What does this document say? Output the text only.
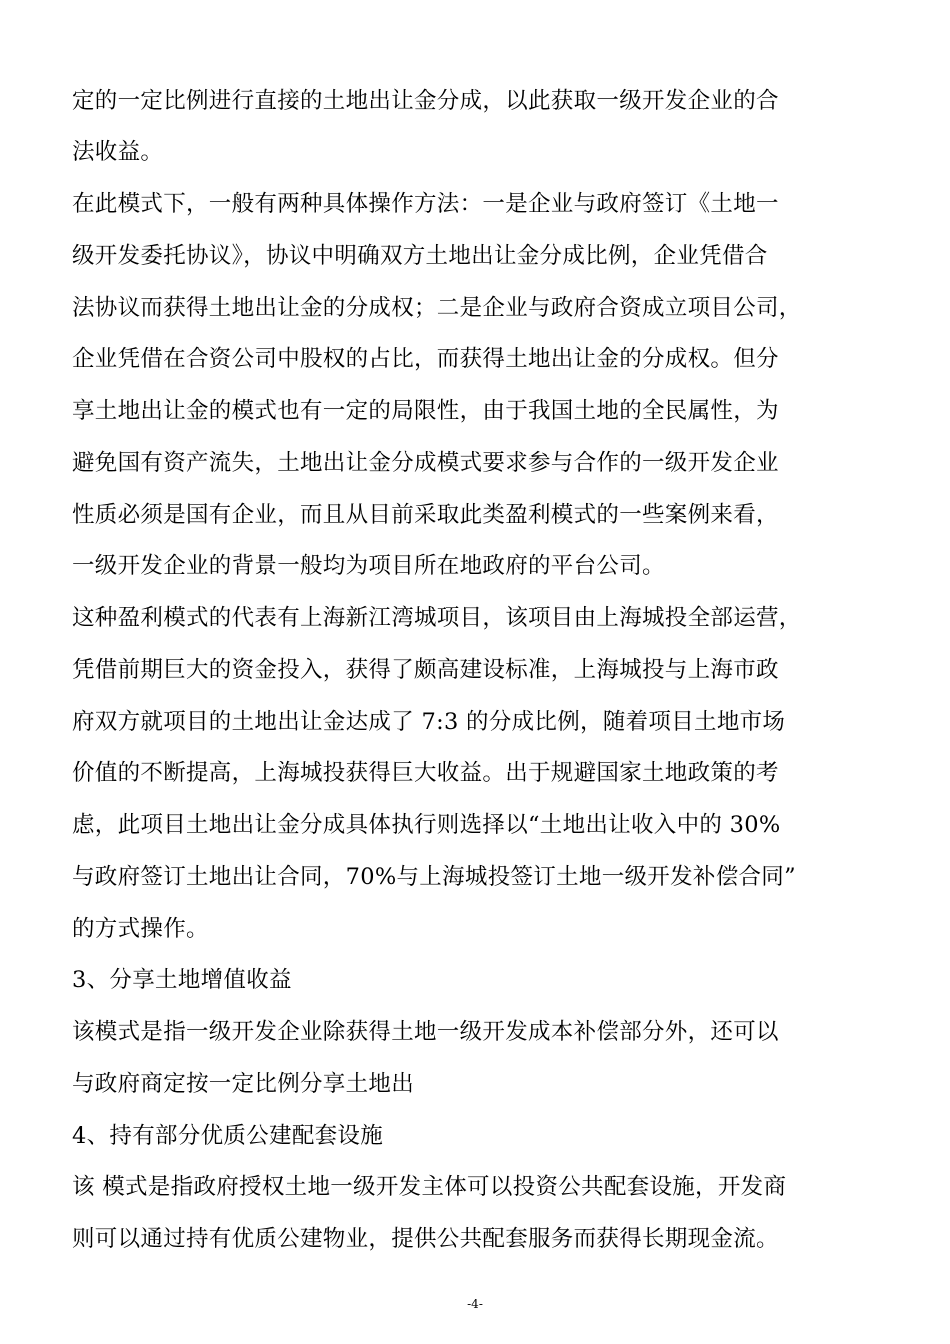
定的一定比例进行直接的土地出让金分成，以此获取一级开发企业的合
法收益。
在此模式下，一般有两种具体操作方法：一是企业与政府签订《土地一
级开发委托协议》，协议中明确双方土地出让金分成比例，企业凭借合
法协议而获得土地出让金的分成权；二是企业与政府合资成立项目公司，
企业凭借在合资公司中股权的占比，而获得土地出让金的分成权。但分
享土地出让金的模式也有一定的局限性，由于我国土地的全民属性，为
避免国有资产流失，土地出让金分成模式要求参与合作的一级开发企业
性质必须是国有企业，而且从目前采取此类盈利模式的一些案例来看，
一级开发企业的背景一般均为项目所在地政府的平台公司。
这种盈利模式的代表有上海新江湾城项目，该项目由上海城投全部运营，
凭借前期巨大的资金投入，获得了颇高建设标准，上海城投与上海市政
府双方就项目的土地出让金达成了 7:3 的分成比例，随着项目土地市场
价值的不断提高，上海城投获得巨大收益。出于规避国家土地政策的考
虑，此项目土地出让金分成具体执行则选择以“土地出让收入中的 30%
与政府签订土地出让合同，70%与上海城投签订土地一级开发补偿合同”
的方式操作。
3、分享土地增值收益
该模式是指一级开发企业除获得土地一级开发成本补偿部分外，还可以
与政府商定按一定比例分享土地出
4、持有部分优质公建配套设施
该 模式是指政府授权土地一级开发主体可以投资公共配套设施，开发商
则可以通过持有优质公建物业，提供公共配套服务而获得长期现金流。
-4-
